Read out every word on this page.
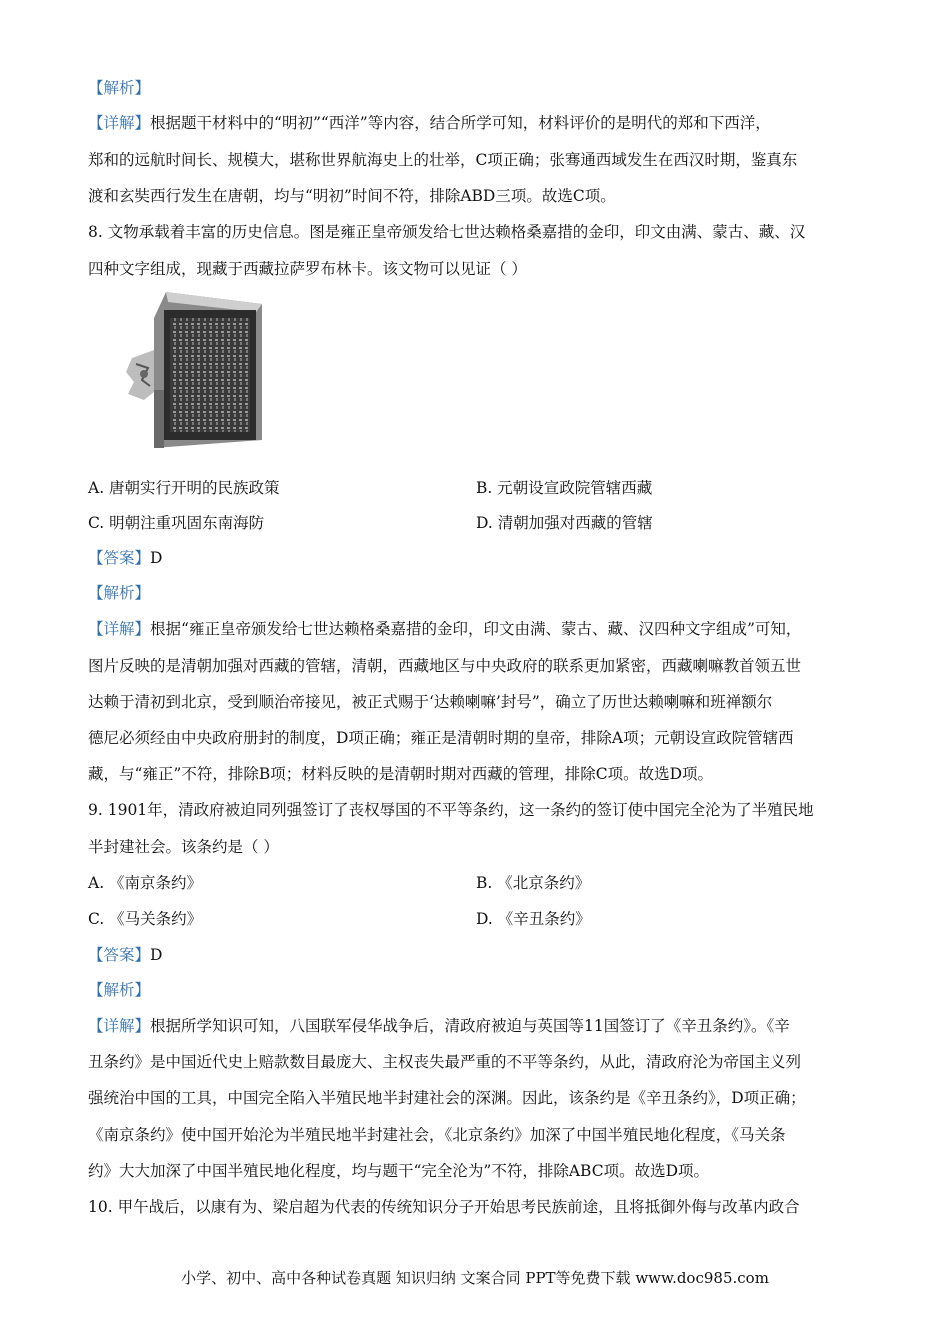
【解析】
【详解】根据题干材料中的“明初”“西洋”等内容，结合所学可知，材料评价的是明代的郑和下西洋，
郑和的远航时间长、规模大，堪称世界航海史上的壮举，C项正确；张骞通西域发生在西汉时期，鉴真东
渡和玄奘西行发生在唐朝，均与“明初”时间不符，排除ABD三项。故选C项。
8. 文物承载着丰富的历史信息。图是雍正皇帝颁发给七世达赖格桑嘉措的金印，印文由满、蒙古、藏、汉
四种文字组成，现藏于西藏拉萨罗布林卡。该文物可以见证（ ）
A. 唐朝实行开明的民族政策	B. 元朝设宣政院管辖西藏
C. 明朝注重巩固东南海防	D. 清朝加强对西藏的管辖
【答案】D
【解析】
【详解】根据“雍正皇帝颁发给七世达赖格桑嘉措的金印，印文由满、蒙古、藏、汉四种文字组成”可知，
图片反映的是清朝加强对西藏的管辖，清朝，西藏地区与中央政府的联系更加紧密，西藏喇嘛教首领五世
达赖于清初到北京，受到顺治帝接见，被正式赐于‘达赖喇嘛’封号”，确立了历世达赖喇嘛和班禅额尔
德尼必须经由中央政府册封的制度，D项正确；雍正是清朝时期的皇帝，排除A项；元朝设宣政院管辖西
藏，与“雍正”不符，排除B项；材料反映的是清朝时期对西藏的管理，排除C项。故选D项。
9. 1901年，清政府被迫同列强签订了丧权辱国的不平等条约，这一条约的签订使中国完全沦为了半殖民地
半封建社会。该条约是（ ）
A. 《南京条约》	B. 《北京条约》
C. 《马关条约》	D. 《辛丑条约》
【答案】D
【解析】
【详解】根据所学知识可知，八国联军侵华战争后，清政府被迫与英国等11国签订了《辛丑条约》。《辛
丑条约》是中国近代史上赔款数目最庞大、主权丧失最严重的不平等条约，从此，清政府沦为帝国主义列
强统治中国的工具，中国完全陷入半殖民地半封建社会的深渊。因此，该条约是《辛丑条约》，D项正确；
《南京条约》使中国开始沦为半殖民地半封建社会，《北京条约》加深了中国半殖民地化程度，《马关条
约》大大加深了中国半殖民地化程度，均与题干“完全沦为”不符，排除ABC项。故选D项。
10. 甲午战后，以康有为、梁启超为代表的传统知识分子开始思考民族前途，且将抵御外侮与改革内政合
小学、初中、高中各种试卷真题 知识归纳 文案合同 PPT等免费下载 www.doc985.com
